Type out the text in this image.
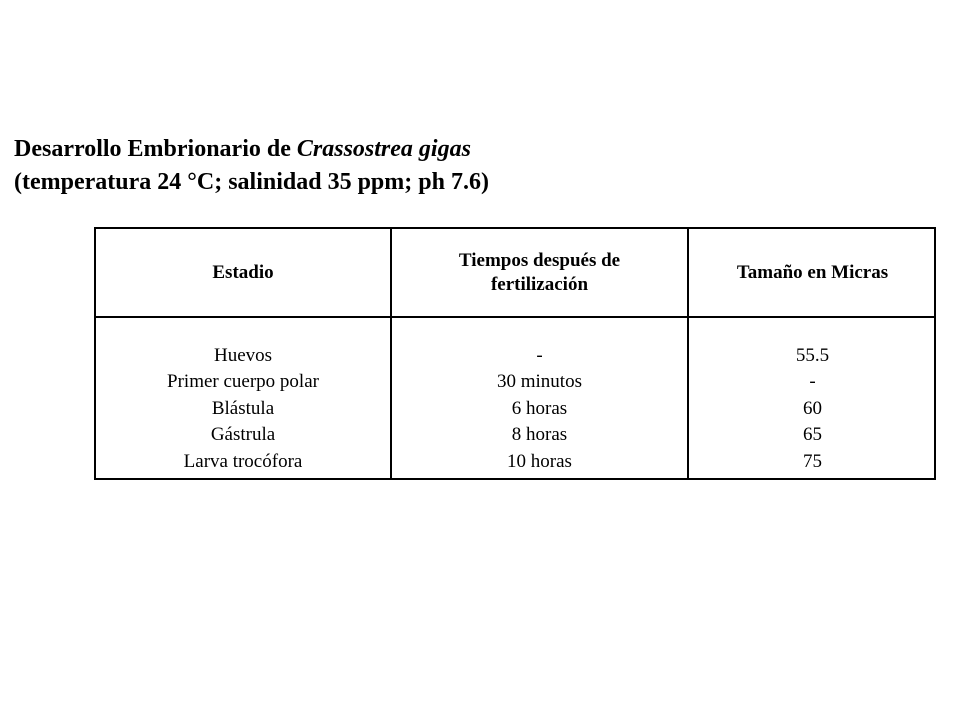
Desarrollo Embrionario de Crassostrea gigas
(temperatura 24 °C; salinidad 35 ppm; ph 7.6)
Estadio
Tiempos después de
fertilización
Tamaño en Micras
Huevos
Primer cuerpo polar
Blástula
Gástrula
Larva trocófora
-
30 minutos
6 horas
8 horas
10 horas
55.5
-
60
65
75
